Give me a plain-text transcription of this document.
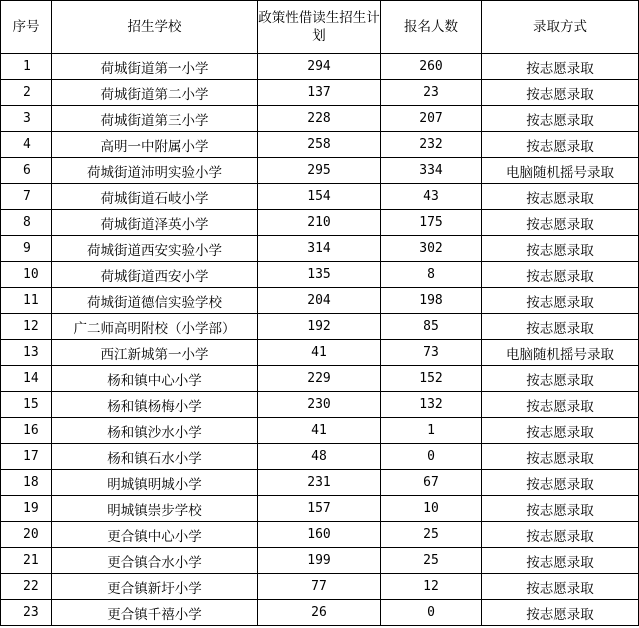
序号	招生学校	政策性借读生招生计划	报名人数	录取方式
1	荷城街道第一小学	294	260	按志愿录取
2	荷城街道第二小学	137	23	按志愿录取
3	荷城街道第三小学	228	207	按志愿录取
4	高明一中附属小学	258	232	按志愿录取
6	荷城街道沛明实验小学	295	334	电脑随机摇号录取
7	荷城街道石岐小学	154	43	按志愿录取
8	荷城街道泽英小学	210	175	按志愿录取
9	荷城街道西安实验小学	314	302	按志愿录取
10	荷城街道西安小学	135	8	按志愿录取
11	荷城街道德信实验学校	204	198	按志愿录取
12	广二师高明附校（小学部）	192	85	按志愿录取
13	西江新城第一小学	41	73	电脑随机摇号录取
14	杨和镇中心小学	229	152	按志愿录取
15	杨和镇杨梅小学	230	132	按志愿录取
16	杨和镇沙水小学	41	1	按志愿录取
17	杨和镇石水小学	48	0	按志愿录取
18	明城镇明城小学	231	67	按志愿录取
19	明城镇崇步学校	157	10	按志愿录取
20	更合镇中心小学	160	25	按志愿录取
21	更合镇合水小学	199	25	按志愿录取
22	更合镇新圩小学	77	12	按志愿录取
23	更合镇千禧小学	26	0	按志愿录取
